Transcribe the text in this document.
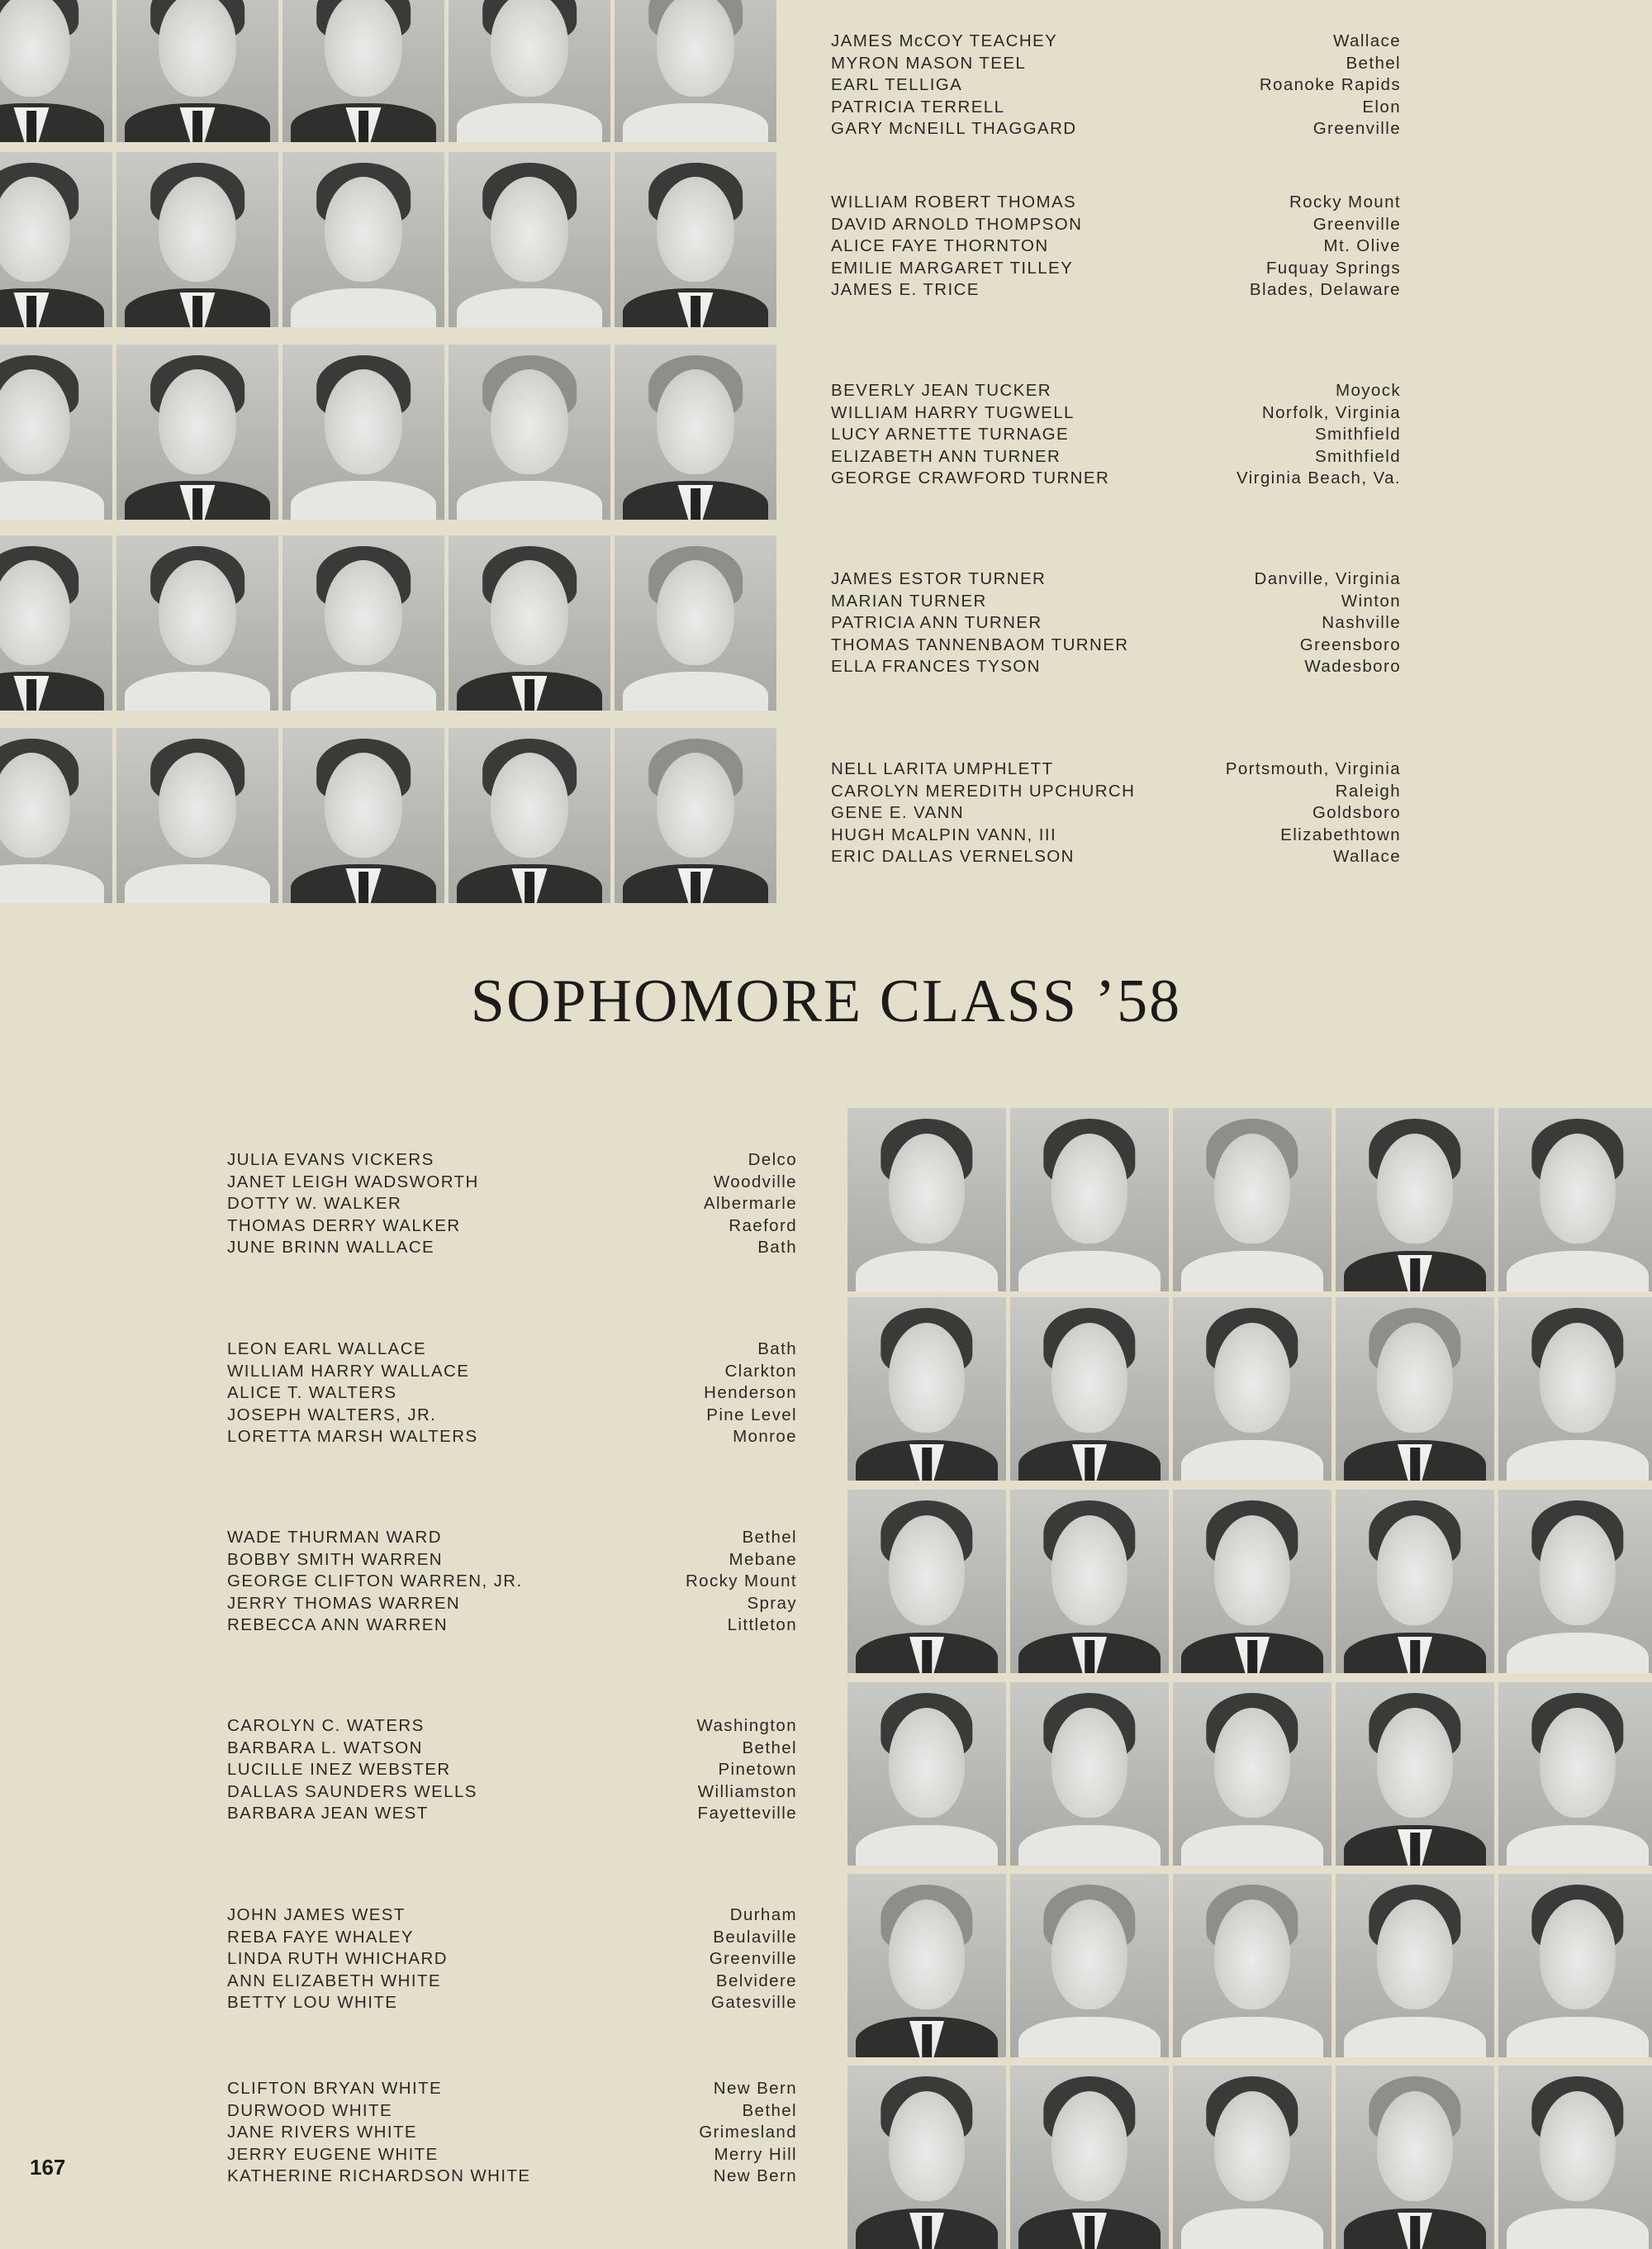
JAMES McCOY TEACHEY	Wallace
MYRON MASON TEEL	Bethel
EARL TELLIGA	Roanoke Rapids
PATRICIA TERRELL	Elon
GARY McNEILL THAGGARD	Greenville
WILLIAM ROBERT THOMAS	Rocky Mount
DAVID ARNOLD THOMPSON	Greenville
ALICE FAYE THORNTON	Mt. Olive
EMILIE MARGARET TILLEY	Fuquay Springs
JAMES E. TRICE	Blades, Delaware
BEVERLY JEAN TUCKER	Moyock
WILLIAM HARRY TUGWELL	Norfolk, Virginia
LUCY ARNETTE TURNAGE	Smithfield
ELIZABETH ANN TURNER	Smithfield
GEORGE CRAWFORD TURNER	Virginia Beach, Va.
JAMES ESTOR TURNER	Danville, Virginia
MARIAN TURNER	Winton
PATRICIA ANN TURNER	Nashville
THOMAS TANNENBAOM TURNER	Greensboro
ELLA FRANCES TYSON	Wadesboro
NELL LARITA UMPHLETT	Portsmouth, Virginia
CAROLYN MEREDITH UPCHURCH	Raleigh
GENE E. VANN	Goldsboro
HUGH McALPIN VANN, III	Elizabethtown
ERIC DALLAS VERNELSON	Wallace
SOPHOMORE CLASS ’58
JULIA EVANS VICKERS	Delco
JANET LEIGH WADSWORTH	Woodville
DOTTY W. WALKER	Albermarle
THOMAS DERRY WALKER	Raeford
JUNE BRINN WALLACE	Bath
LEON EARL WALLACE	Bath
WILLIAM HARRY WALLACE	Clarkton
ALICE T. WALTERS	Henderson
JOSEPH WALTERS, JR.	Pine Level
LORETTA MARSH WALTERS	Monroe
WADE THURMAN WARD	Bethel
BOBBY SMITH WARREN	Mebane
GEORGE CLIFTON WARREN, JR.	Rocky Mount
JERRY THOMAS WARREN	Spray
REBECCA ANN WARREN	Littleton
CAROLYN C. WATERS	Washington
BARBARA L. WATSON	Bethel
LUCILLE INEZ WEBSTER	Pinetown
DALLAS SAUNDERS WELLS	Williamston
BARBARA JEAN WEST	Fayetteville
JOHN JAMES WEST	Durham
REBA FAYE WHALEY	Beulaville
LINDA RUTH WHICHARD	Greenville
ANN ELIZABETH WHITE	Belvidere
BETTY LOU WHITE	Gatesville
CLIFTON BRYAN WHITE	New Bern
DURWOOD WHITE	Bethel
JANE RIVERS WHITE	Grimesland
JERRY EUGENE WHITE	Merry Hill
KATHERINE RICHARDSON WHITE	New Bern
167
